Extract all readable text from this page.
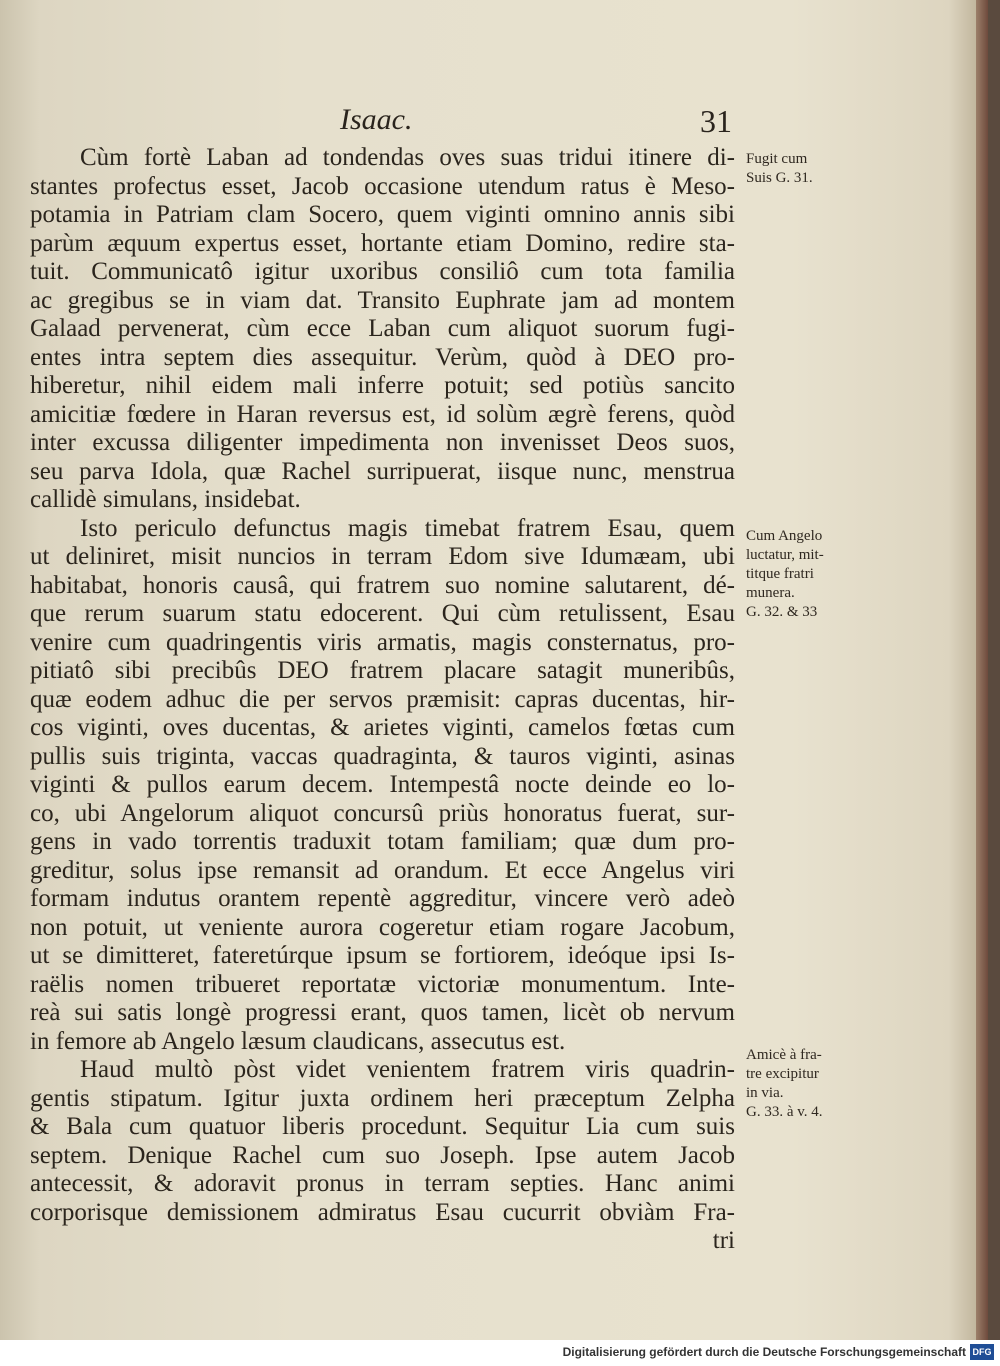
Isaac.	31
Cùm fortè Laban ad tondendas oves suas tridui itinere di-
stantes profectus esset, Jacob occasione utendum ratus è Meso-
potamia in Patriam clam Socero, quem viginti omnino annis sibi
parùm æquum expertus esset, hortante etiam Domino, redire sta-
tuit. Communicatô igitur uxoribus consiliô cum tota familia
ac gregibus se in viam dat. Transito Euphrate jam ad montem
Galaad pervenerat, cùm ecce Laban cum aliquot suorum fugi-
entes intra septem dies assequitur. Verùm, quòd à DEO pro-
hiberetur, nihil eidem mali inferre potuit; sed potiùs sancito
amicitiæ fœdere in Haran reversus est, id solùm ægrè ferens, quòd
inter excussa diligenter impedimenta non invenisset Deos suos,
seu parva Idola, quæ Rachel surripuerat, iisque nunc, menstrua
callidè simulans, insidebat.
Isto periculo defunctus magis timebat fratrem Esau, quem
ut deliniret, misit nuncios in terram Edom sive Idumæam, ubi
habitabat, honoris causâ, qui fratrem suo nomine salutarent, dé-
que rerum suarum statu edocerent. Qui cùm retulissent, Esau
venire cum quadringentis viris armatis, magis consternatus, pro-
pitiatô sibi precibûs DEO fratrem placare satagit muneribûs,
quæ eodem adhuc die per servos præmisit: capras ducentas, hir-
cos viginti, oves ducentas, & arietes viginti, camelos fœtas cum
pullis suis triginta, vaccas quadraginta, & tauros viginti, asinas
viginti & pullos earum decem. Intempestâ nocte deinde eo lo-
co, ubi Angelorum aliquot concursû priùs honoratus fuerat, sur-
gens in vado torrentis traduxit totam familiam; quæ dum pro-
greditur, solus ipse remansit ad orandum. Et ecce Angelus viri
formam indutus orantem repentè aggreditur, vincere verò adeò
non potuit, ut veniente aurora cogeretur etiam rogare Jacobum,
ut se dimitteret, fateretúrque ipsum se fortiorem, ideóque ipsi Is-
raëlis nomen tribueret reportatæ victoriæ monumentum. Inte-
reà sui satis longè progressi erant, quos tamen, licèt ob nervum
in femore ab Angelo læsum claudicans, assecutus est.
Haud multò pòst videt venientem fratrem viris quadrin-
gentis stipatum. Igitur juxta ordinem heri præceptum Zelpha
& Bala cum quatuor liberis procedunt. Sequitur Lia cum suis
septem. Denique Rachel cum suo Joseph. Ipse autem Jacob
antecessit, & adoravit pronus in terram septies. Hanc animi
corporisque demissionem admiratus Esau cucurrit obviàm Fra-
tri
Fugit cum
Suis G. 31.
Cum Angelo
luctatur, mit-
titque fratri
munera.
G. 32. & 33
Amicè à fra-
tre excipitur
in via.
G. 33. à v. 4.
Digitalisierung gefördert durch die Deutsche Forschungsgemeinschaft DFG
